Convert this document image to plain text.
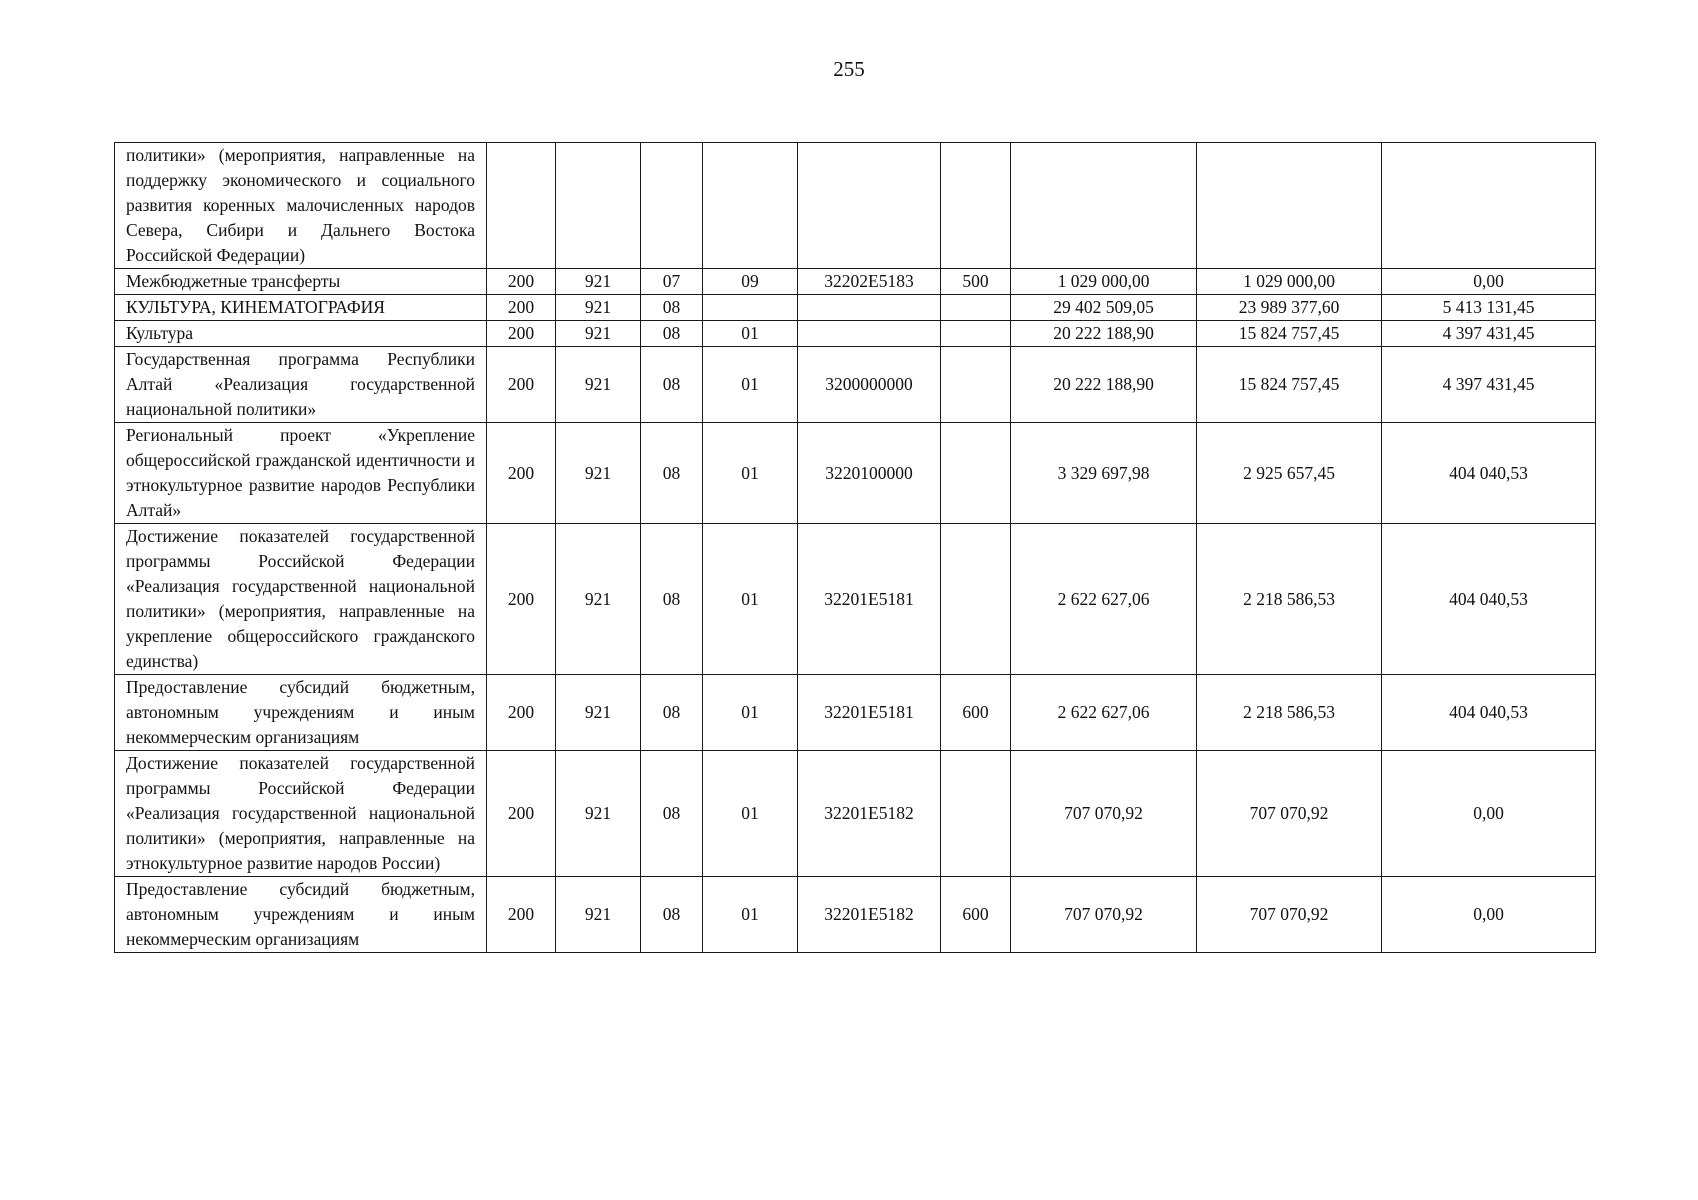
255
политики» (мероприятия, направленные на поддержку экономического и социального развития коренных малочисленных народов Севера, Сибири и Дальнего Востока Российской Федерации)									
Межбюджетные трансферты	200	921	07	09	32202E5183	500	1 029 000,00	1 029 000,00	0,00
КУЛЬТУРА, КИНЕМАТОГРАФИЯ	200	921	08				29 402 509,05	23 989 377,60	5 413 131,45
Культура	200	921	08	01			20 222 188,90	15 824 757,45	4 397 431,45
Государственная программа Республики Алтай «Реализация государственной национальной политики»	200	921	08	01	3200000000		20 222 188,90	15 824 757,45	4 397 431,45
Региональный проект «Укрепление общероссийской гражданской идентичности и этнокультурное развитие народов Республики Алтай»	200	921	08	01	3220100000		3 329 697,98	2 925 657,45	404 040,53
Достижение показателей государственной программы Российской Федерации «Реализация государственной национальной политики» (мероприятия, направленные на укрепление общероссийского гражданского единства)	200	921	08	01	32201E5181		2 622 627,06	2 218 586,53	404 040,53
Предоставление субсидий бюджетным, автономным учреждениям и иным некоммерческим организациям	200	921	08	01	32201E5181	600	2 622 627,06	2 218 586,53	404 040,53
Достижение показателей государственной программы Российской Федерации «Реализация государственной национальной политики» (мероприятия, направленные на этнокультурное развитие народов России)	200	921	08	01	32201E5182		707 070,92	707 070,92	0,00
Предоставление субсидий бюджетным, автономным учреждениям и иным некоммерческим организациям	200	921	08	01	32201E5182	600	707 070,92	707 070,92	0,00
